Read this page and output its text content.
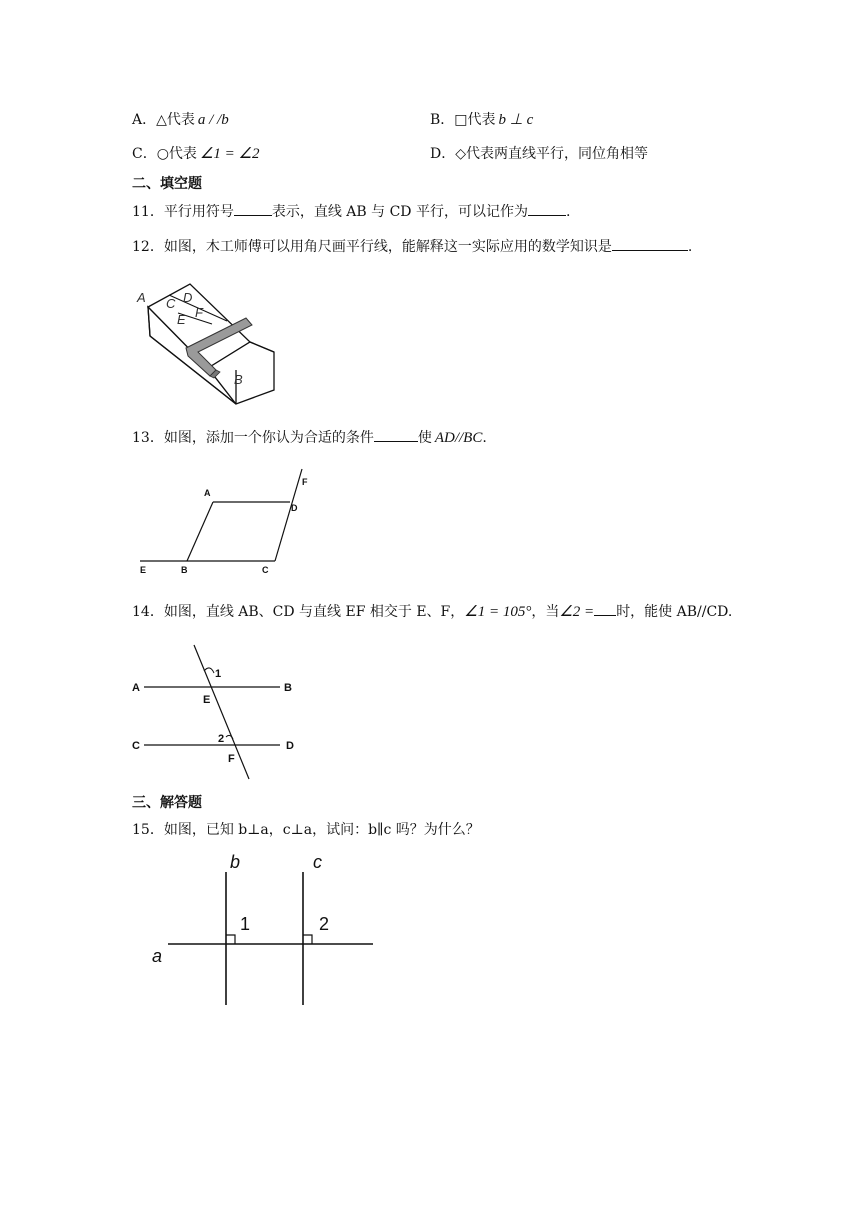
A．△代表 a / /b	B．□代表 b ⊥ c
C．○代表 ∠1 = ∠2	D．◇代表两直线平行，同位角相等
二、填空题
11．平行用符号	表示，直线 AB 与 CD 平行，可以记作为	.
12．如图，木工师傅可以用角尺画平行线，能解释这一实际应用的数学知识是	.
A C D
E F
B
13．如图，添加一个你认为合适的条件	使 AD//BC.
A
D
F
E	B	C
14．如图，直线 AB、CD 与直线 EF 相交于 E、F，∠1 = 105°，当∠2 = 时，能使 AB//CD.
A	B
C	D
E
F
1
2
三、解答题
15．如图，已知 b⊥a，c⊥a，试问：b∥c 吗？为什么？
a
b	c
1	2
